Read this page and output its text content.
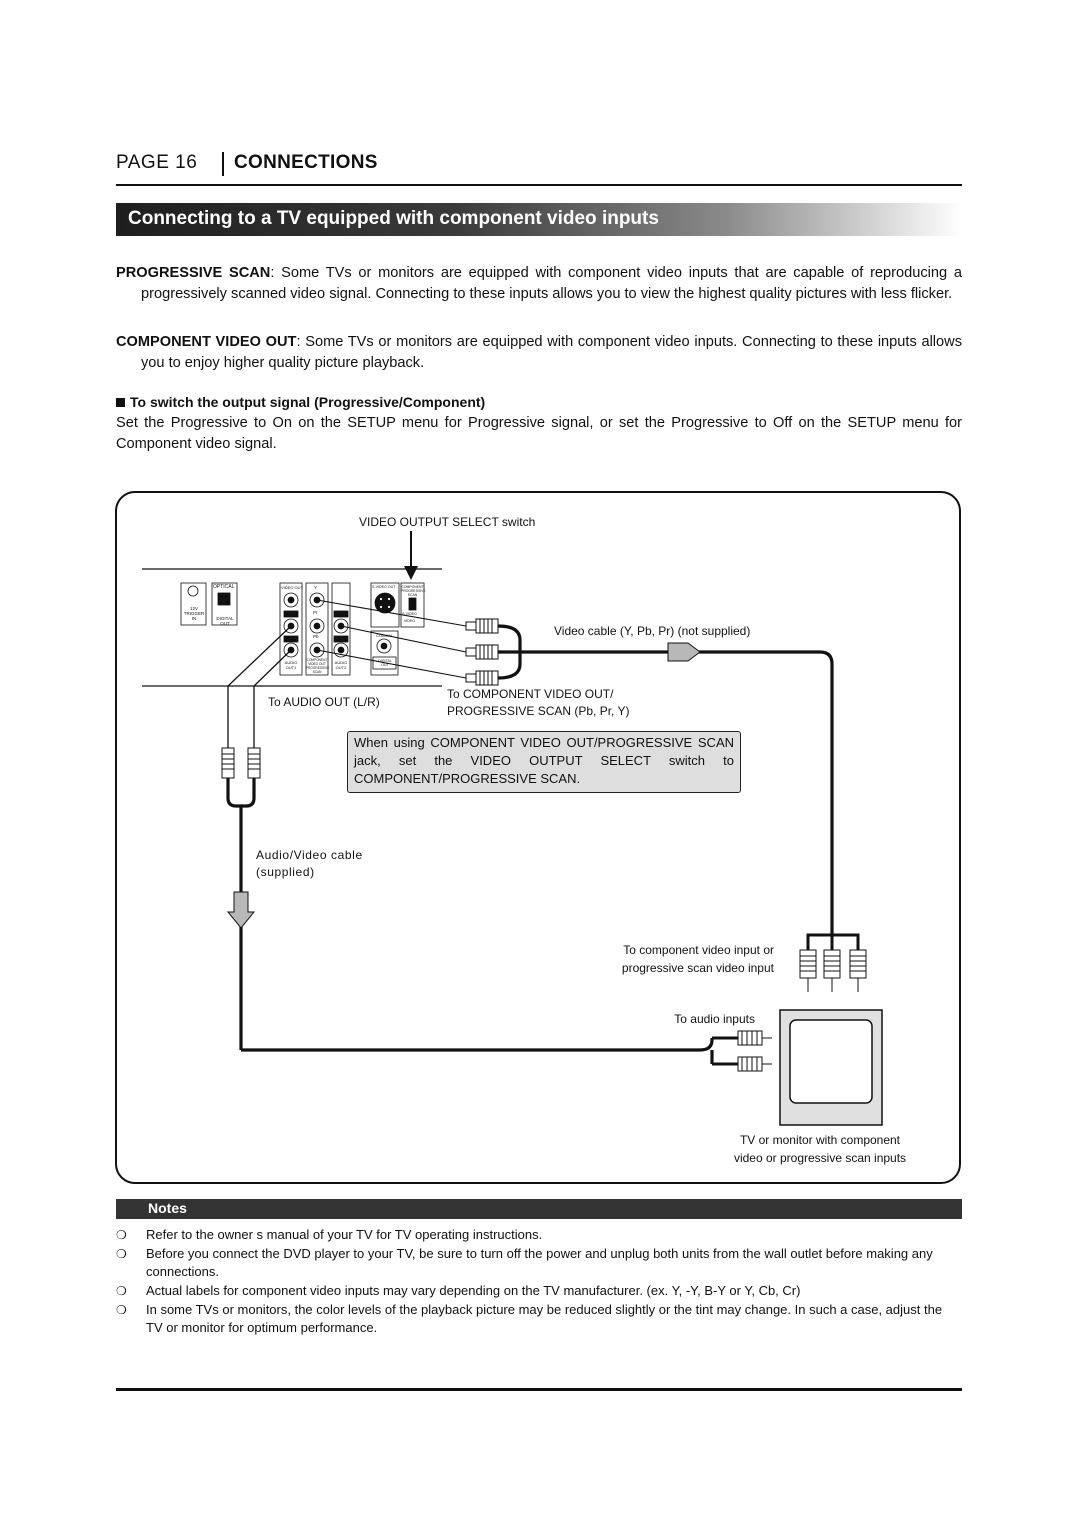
PAGE 16 CONNECTIONS
Connecting to a TV equipped with component video inputs
PROGRESSIVE SCAN: Some TVs or monitors are equipped with component video inputs that are capable of reproducing a progressively scanned video signal. Connecting to these inputs allows you to view the highest quality pictures with less flicker.
COMPONENT VIDEO OUT: Some TVs or monitors are equipped with component video inputs. Connecting to these inputs allows you to enjoy higher quality picture playback.
To switch the output signal (Progressive/Component)
Set the Progressive to On on the SETUP menu for Progressive signal, or set the Progressive to Off on the SETUP menu for Component video signal.
OPTICAL
12V TRIGGER IN	DIGITAL OUT
VIDEO OUT Y
Pr
Pb
AUDIO OUT1
COMPONENT VIDEO OUT PROGRESSIVE SCAN
AUDIO OUT2
S-VIDEO OUT COMPONENT PROGRESSIVE SCAN
S-VIDEO
VIDEO
COAXIAL
DIGITAL OUT
VIDEO OUTPUT SELECT switch
Video cable (Y, Pb, Pr) (not supplied)
To AUDIO OUT (L/R)
To COMPONENT VIDEO OUT/
PROGRESSIVE SCAN (Pb, Pr, Y)
When using COMPONENT VIDEO OUT/PROGRESSIVE SCAN jack, set the VIDEO OUTPUT SELECT switch to COMPONENT/PROGRESSIVE SCAN.
Audio/Video cable
(supplied)
To component video input or
progressive scan video input
To audio inputs
TV or monitor with component
video or progressive scan inputs
Notes
❍ Refer to the owner s manual of your TV for TV operating instructions.
❍ Before you connect the DVD player to your TV, be sure to turn off the power and unplug both units from the wall outlet before making any connections.
❍ Actual labels for component video inputs may vary depending on the TV manufacturer. (ex. Y, -Y, B-Y or Y, Cb, Cr)
❍ In some TVs or monitors, the color levels of the playback picture may be reduced slightly or the tint may change. In such a case, adjust the TV or monitor for optimum performance.
